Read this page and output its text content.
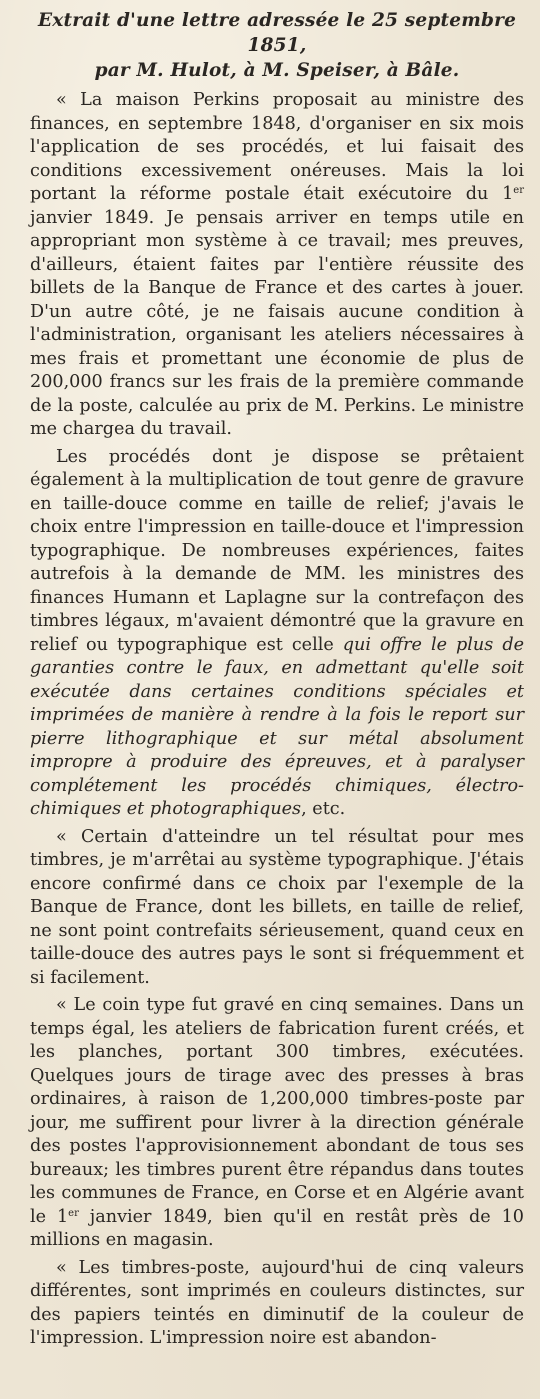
Extrait d'une lettre adressée le 25 septembre 1851,
par M. Hulot, à M. Speiser, à Bâle.

« La maison Perkins proposait au ministre des finances, en septembre 1848, d'organiser en six mois l'application de ses procédés, et lui faisait des conditions excessivement onéreuses. Mais la loi portant la réforme postale était exécutoire du 1er janvier 1849. Je pensais arriver en temps utile en appropriant mon système à ce travail; mes preuves, d'ailleurs, étaient faites par l'entière réussite des billets de la Banque de France et des cartes à jouer. D'un autre côté, je ne faisais aucune condition à l'administration, organisant les ateliers nécessaires à mes frais et promettant une économie de plus de 200,000 francs sur les frais de la première commande de la poste, calculée au prix de M. Perkins. Le ministre me chargea du travail.

Les procédés dont je dispose se prêtaient également à la multiplication de tout genre de gravure en taille-douce comme en taille de relief; j'avais le choix entre l'impression en taille-douce et l'impression typographique. De nombreuses expériences, faites autrefois à la demande de MM. les ministres des finances Humann et Laplagne sur la contrefaçon des timbres légaux, m'avaient démontré que la gravure en relief ou typographique est celle qui offre le plus de garanties contre le faux, en admettant qu'elle soit exécutée dans certaines conditions spéciales et imprimées de manière à rendre à la fois le report sur pierre lithographique et sur métal absolument impropre à produire des épreuves, et à paralyser complétement les procédés chimiques, électro-chimiques et photographiques, etc.

« Certain d'atteindre un tel résultat pour mes timbres, je m'arrêtai au système typographique. J'étais encore confirmé dans ce choix par l'exemple de la Banque de France, dont les billets, en taille de relief, ne sont point contrefaits sérieusement, quand ceux en taille-douce des autres pays le sont si fréquemment et si facilement.

« Le coin type fut gravé en cinq semaines. Dans un temps égal, les ateliers de fabrication furent créés, et les planches, portant 300 timbres, exécutées. Quelques jours de tirage avec des presses à bras ordinaires, à raison de 1,200,000 timbres-poste par jour, me suffirent pour livrer à la direction générale des postes l'approvisionnement abondant de tous ses bureaux; les timbres purent être répandus dans toutes les communes de France, en Corse et en Algérie avant le 1er janvier 1849, bien qu'il en restât près de 10 millions en magasin.

« Les timbres-poste, aujourd'hui de cinq valeurs différentes, sont imprimés en couleurs distinctes, sur des papiers teintés en diminutif de la couleur de l'impression. L'impression noire est abandon-
